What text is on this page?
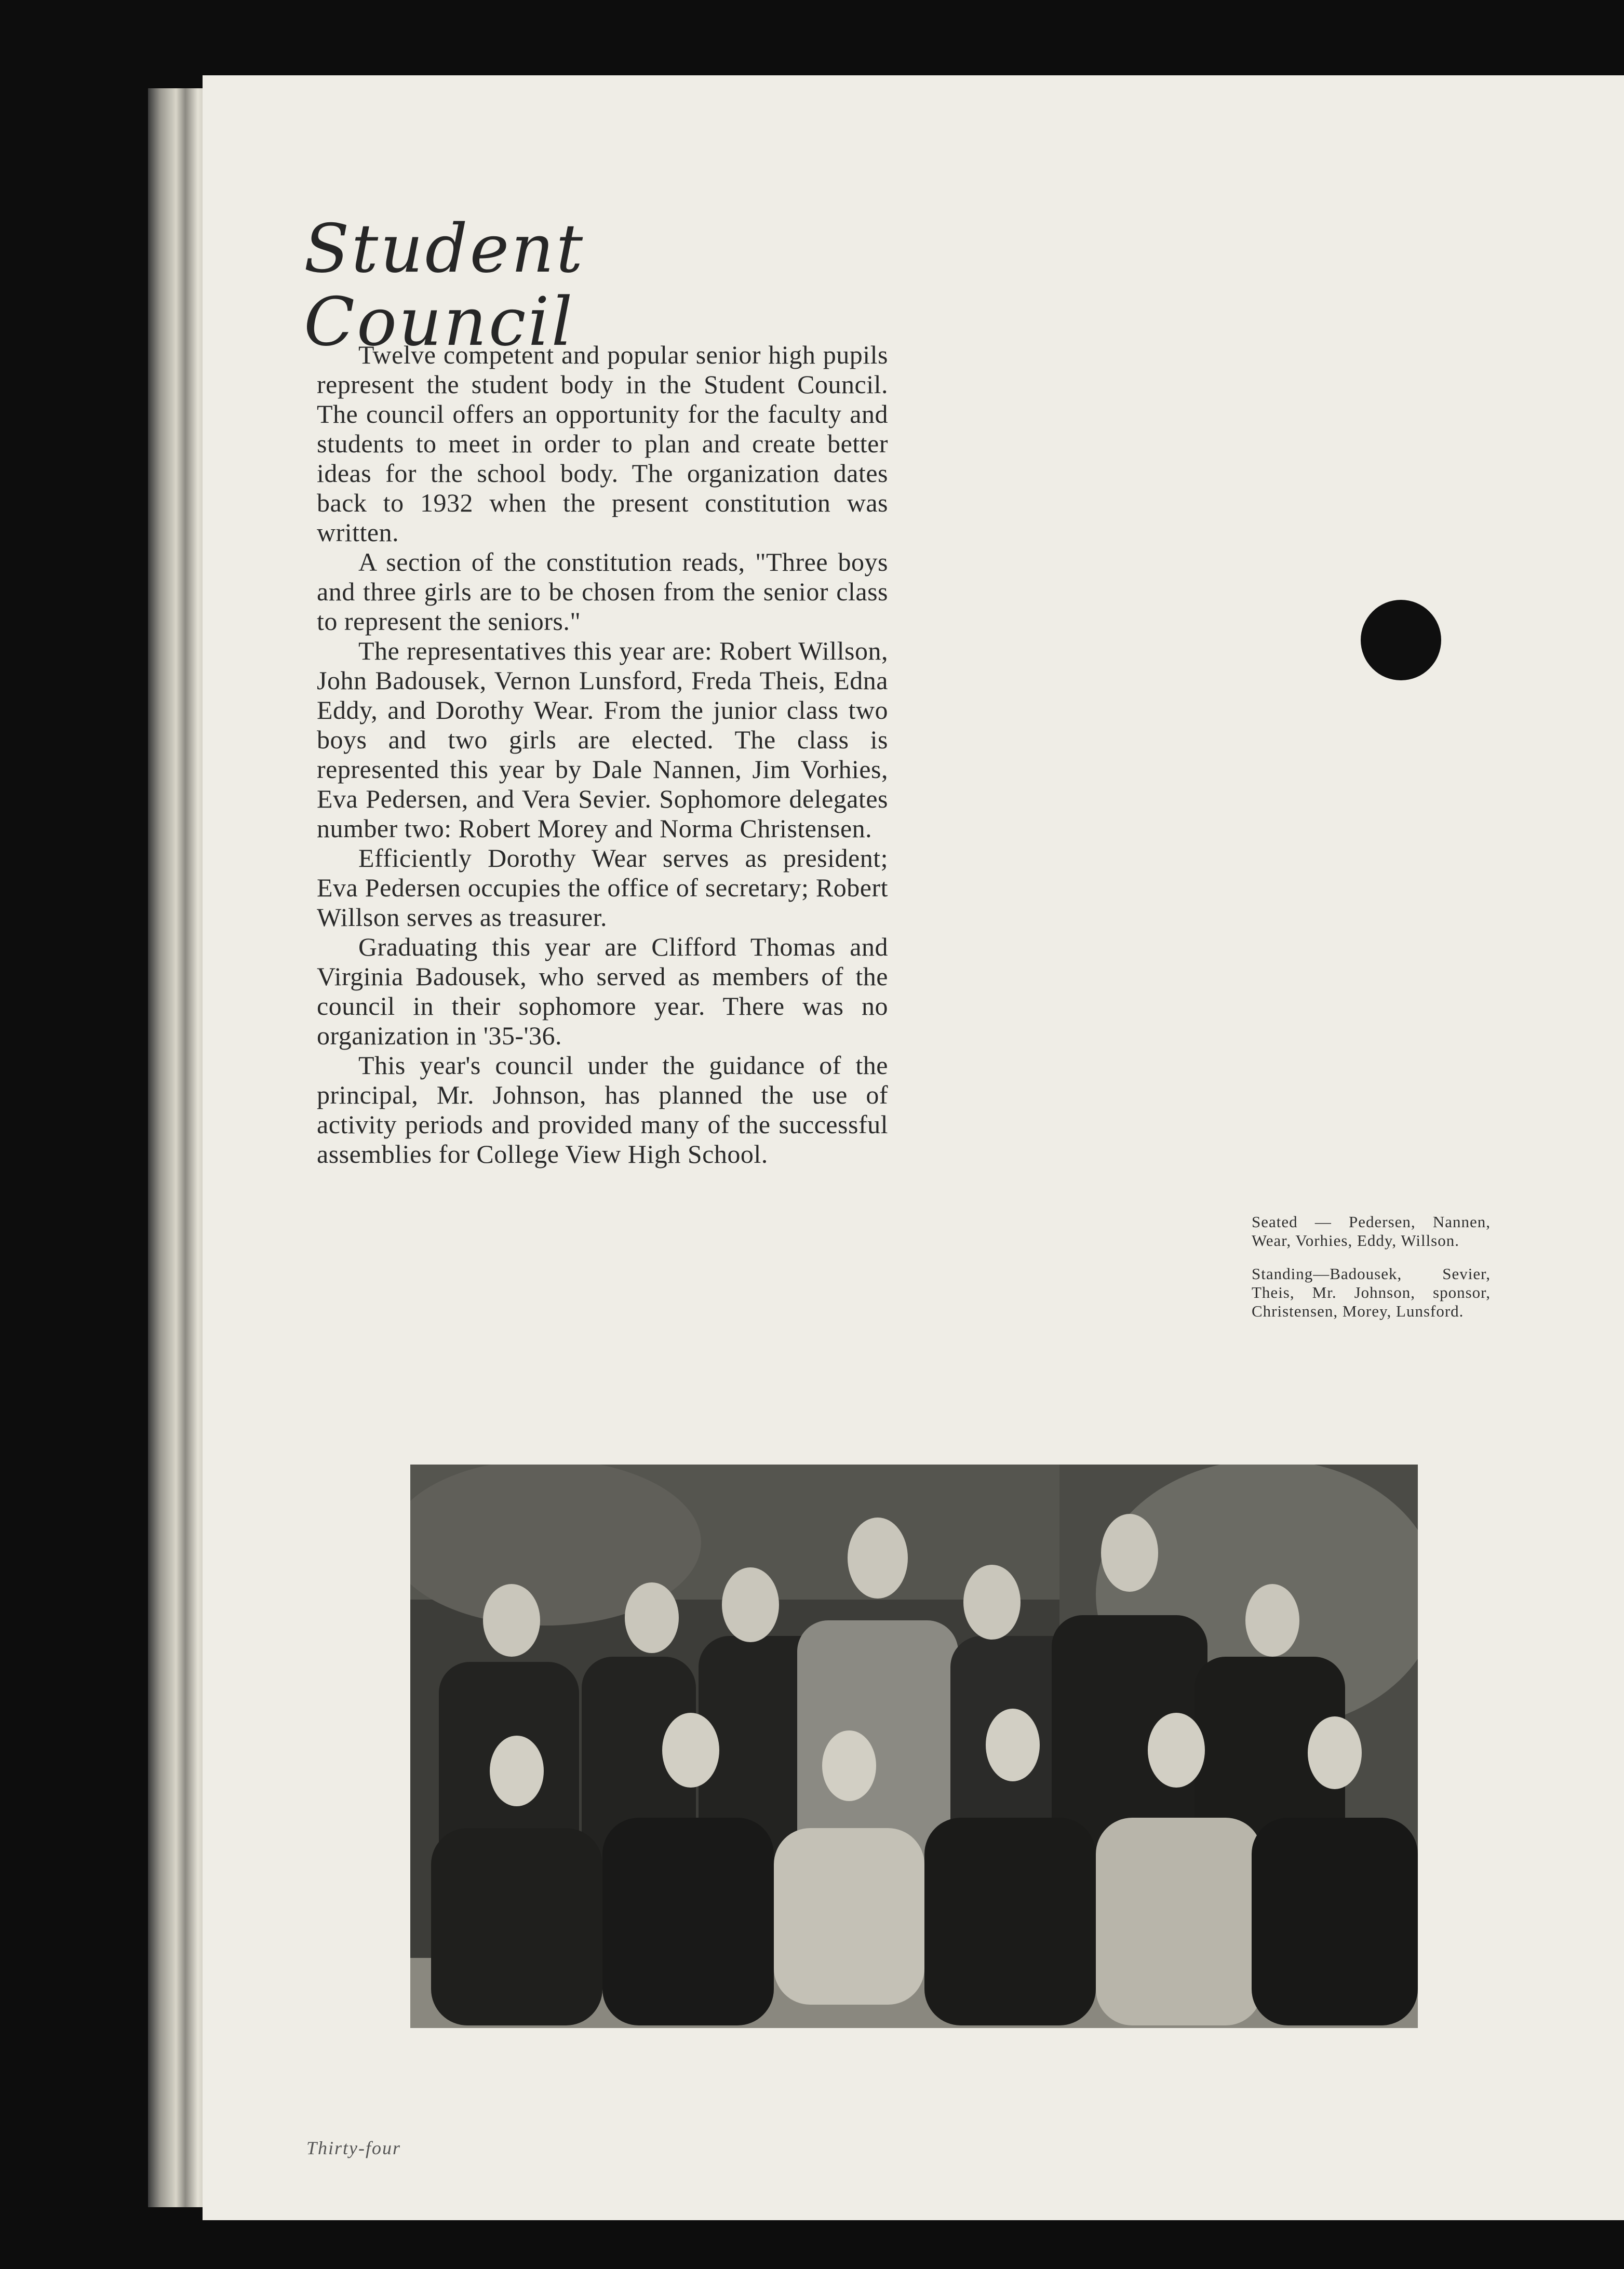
Student Council

Twelve competent and popular senior high pupils represent the student body in the Student Council. The council offers an opportunity for the faculty and students to meet in order to plan and create better ideas for the school body. The organization dates back to 1932 when the present constitution was written.

A section of the constitution reads, "Three boys and three girls are to be chosen from the senior class to represent the seniors."

The representatives this year are: Robert Willson, John Badousek, Vernon Lunsford, Freda Theis, Edna Eddy, and Dorothy Wear. From the junior class two boys and two girls are elected. The class is represented this year by Dale Nannen, Jim Vorhies, Eva Pedersen, and Vera Sevier. Sophomore delegates number two: Robert Morey and Norma Christensen.

Efficiently Dorothy Wear serves as president; Eva Pedersen occupies the office of secretary; Robert Willson serves as treasurer.

Graduating this year are Clifford Thomas and Virginia Badousek, who served as members of the council in their sophomore year. There was no organization in '35-'36.

This year's council under the guidance of the principal, Mr. Johnson, has planned the use of activity periods and provided many of the successful assemblies for College View High School.

Seated — Pedersen, Nannen, Wear, Vorhies, Eddy, Willson.

Standing—Badousek, Sevier, Theis, Mr. Johnson, sponsor, Christensen, Morey, Lunsford.

Thirty-four
